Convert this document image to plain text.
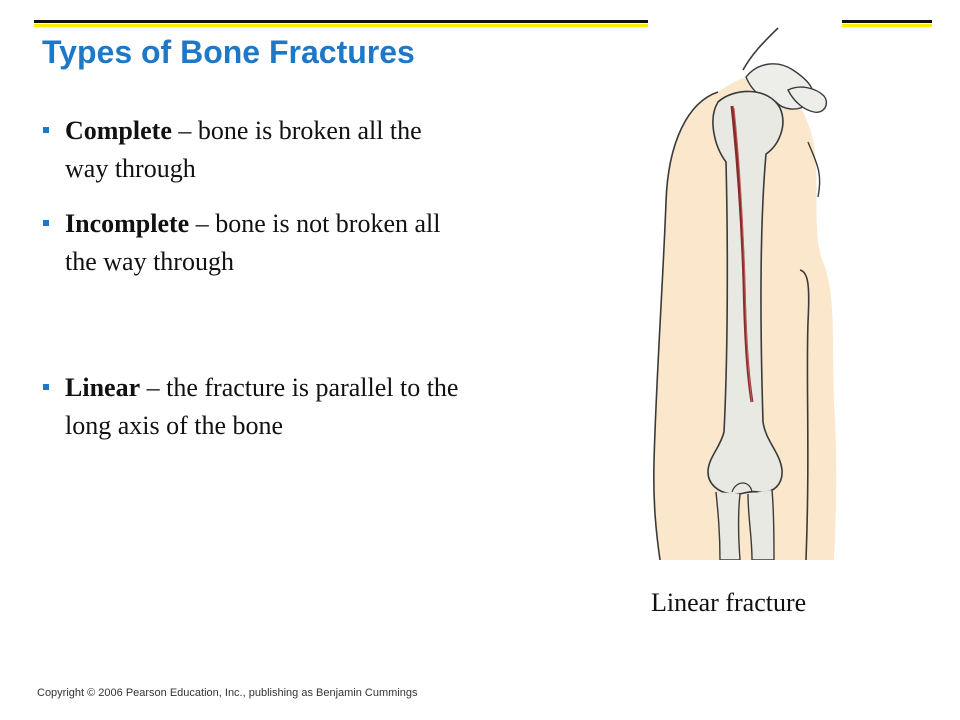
Types of Bone Fractures
Complete – bone is broken all the way through
Incomplete – bone is not broken all the way through
Linear – the fracture is parallel to the long axis of the bone
Linear fracture
Copyright © 2006 Pearson Education, Inc., publishing as Benjamin Cummings
